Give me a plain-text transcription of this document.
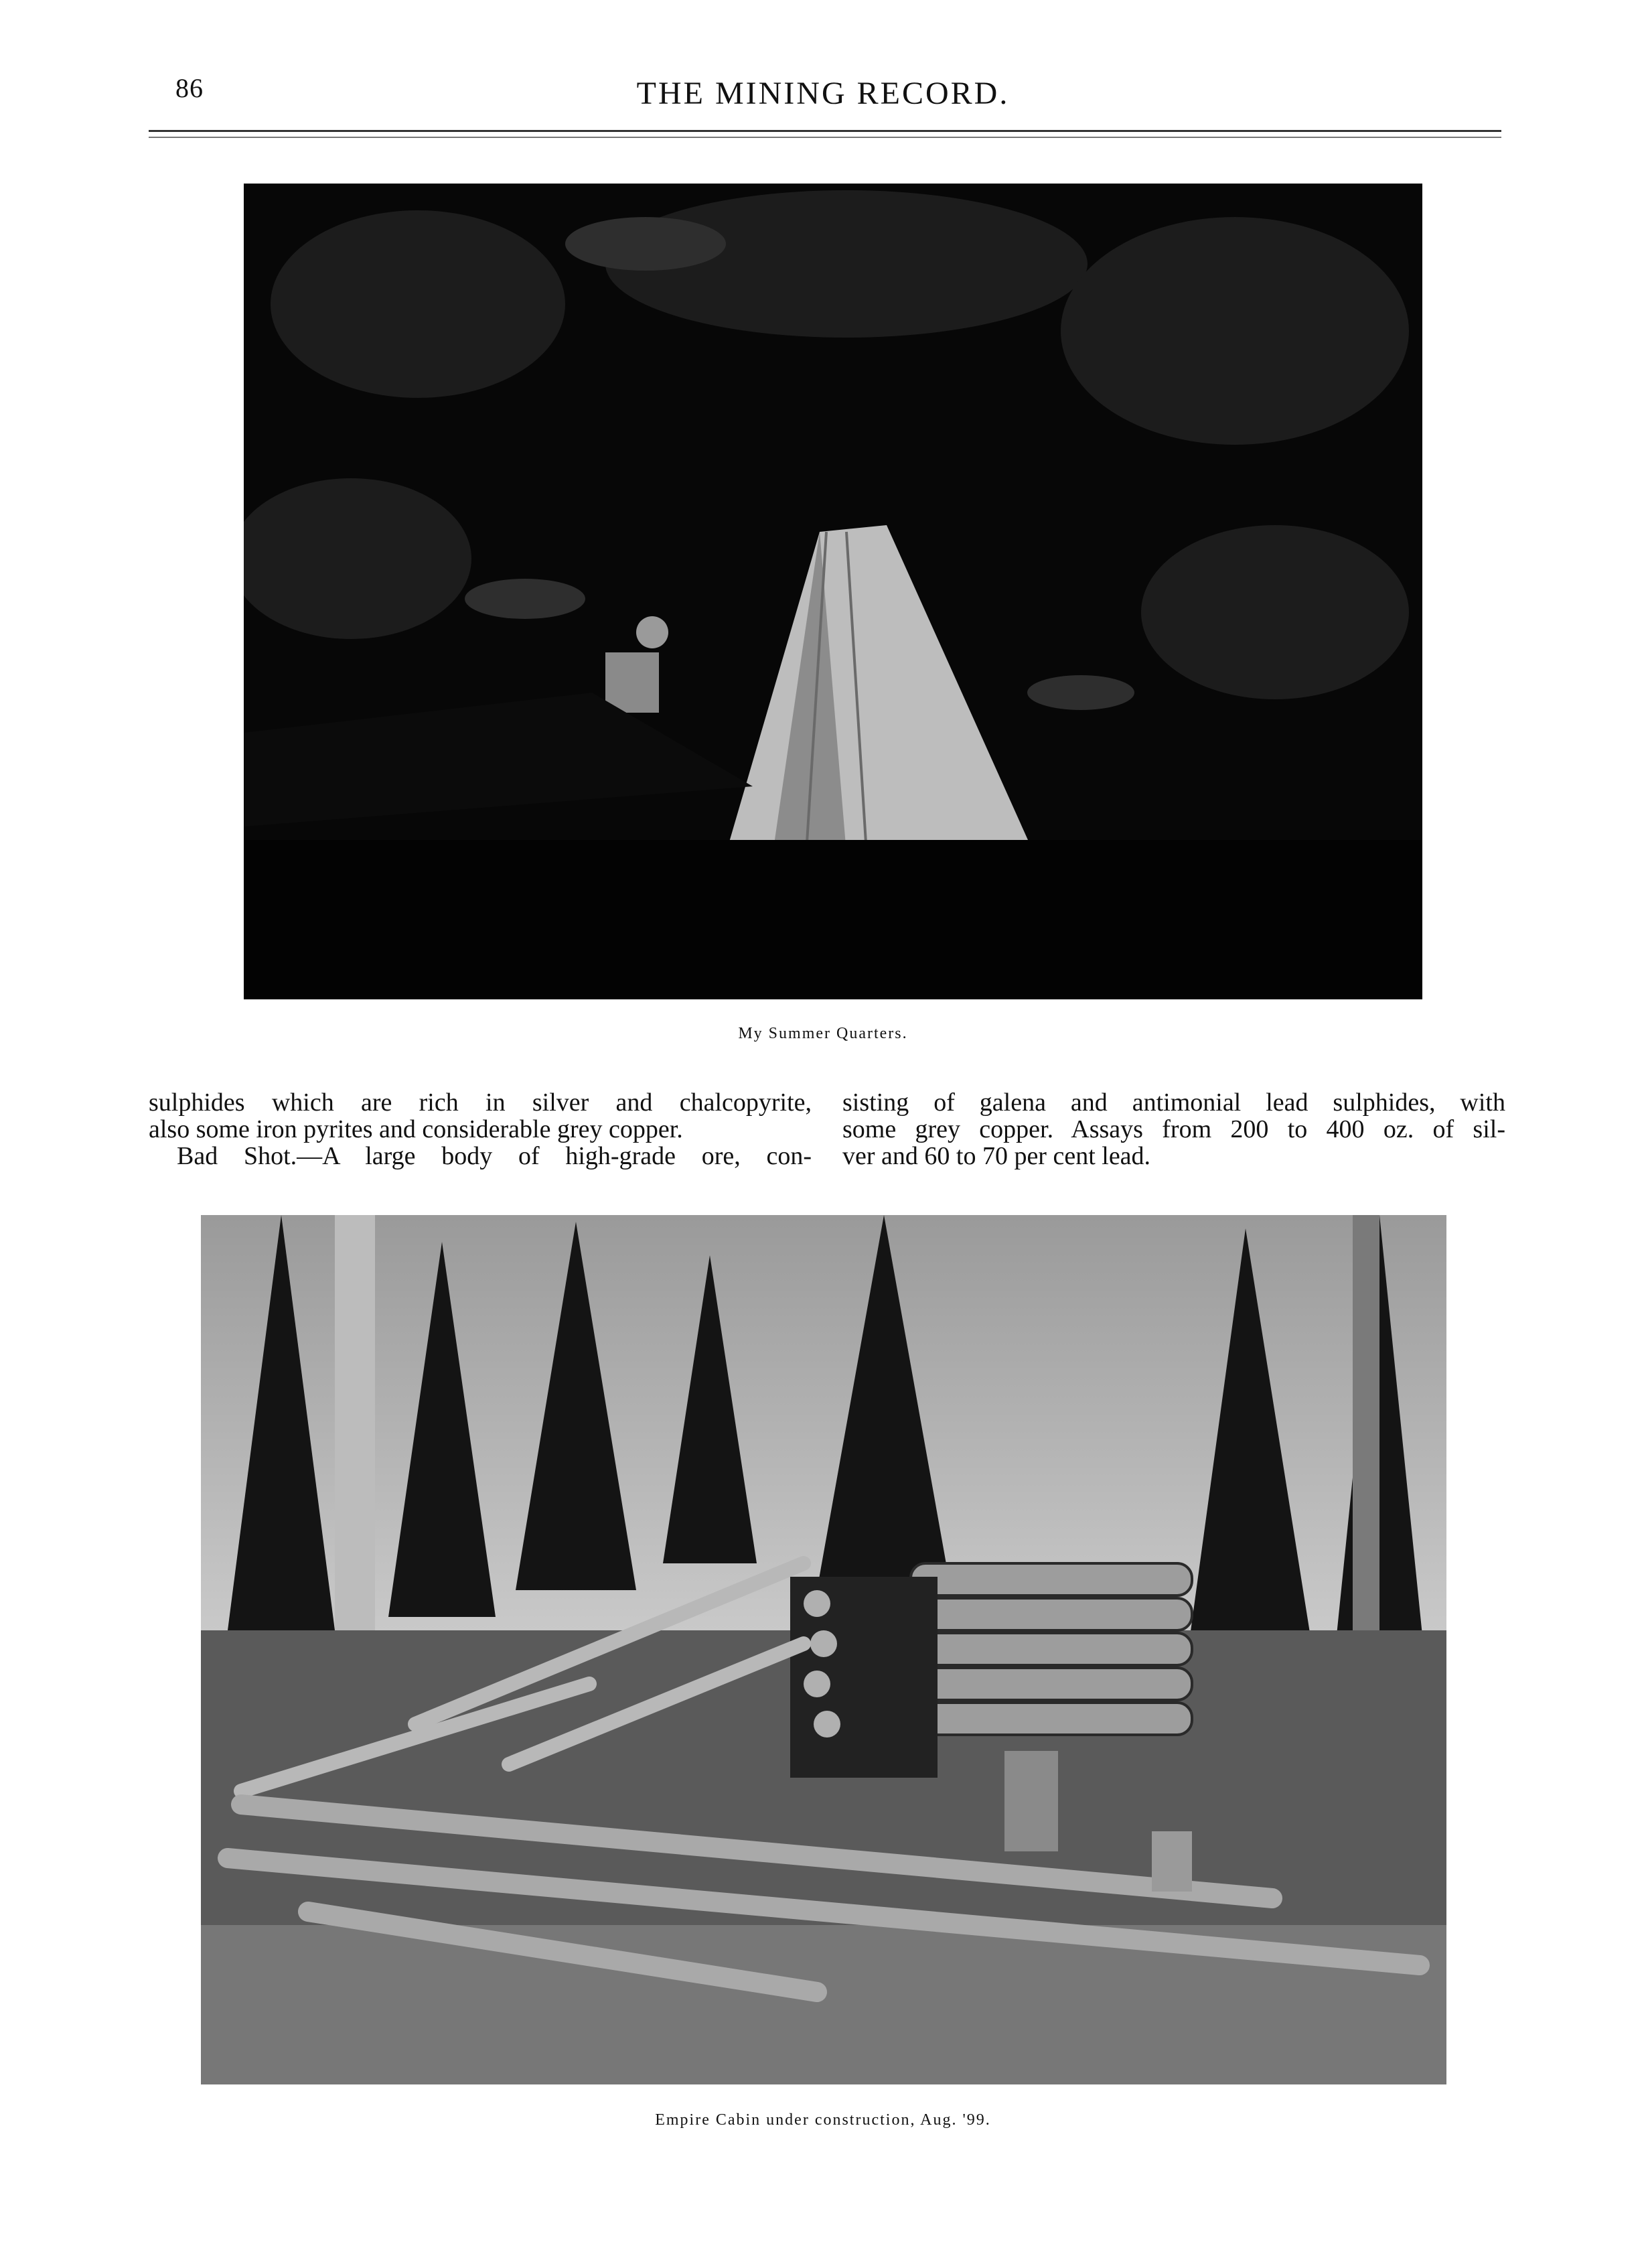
86	THE MINING RECORD.
My Summer Quarters.

sulphides which are rich in silver and chalcopyrite,

also some iron pyrites and considerable grey copper.

Bad Shot.—A large body of high-grade ore, con-

sisting of galena and antimonial lead sulphides, with

some grey copper. Assays from 200 to 400 oz. of sil-

ver and 60 to 70 per cent lead.

Empire Cabin under construction, Aug. '99.
